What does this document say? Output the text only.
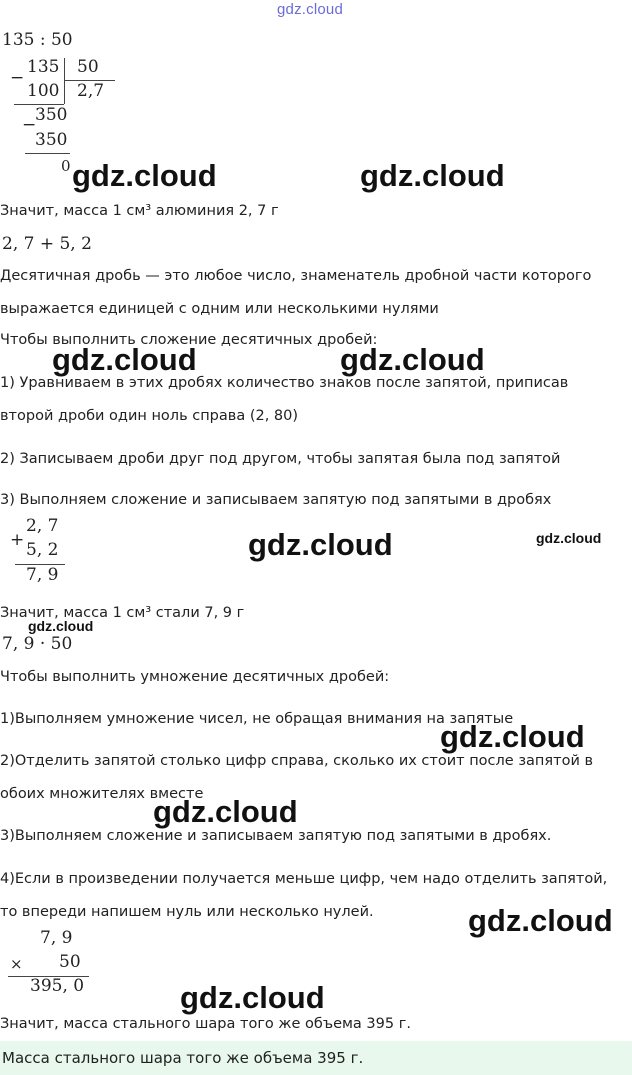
gdz.cloud
135 : 50
−
135 50
100 2,7
−
350
350
0 gdz.cloud	gdz.cloud
Значит, масса 1 см³ алюминия 2, 7 г
2, 7 + 5, 2
Десятичная дробь — это любое число, знаменатель дробной части которого
выражается единицей с одним или несколькими нулями
Чтобы выполнить сложение десятичных дробей:
gdz.cloud	gdz.cloud
1) Уравниваем в этих дробях количество знаков после запятой, приписав
второй дроби один ноль справа (2, 80)
2) Записываем дроби друг под другом, чтобы запятая была под запятой
3) Выполняем сложение и записываем запятую под запятыми в дробях
+
2, 7
5, 2
7, 9
gdz.cloud	gdz.cloud
Значит, масса 1 см³ стали 7, 9 г
gdz.cloud
7, 9 · 50
Чтобы выполнить умножение десятичных дробей:
1)Выполняем умножение чисел, не обращая внимания на запятые
gdz.cloud
2)Отделить запятой столько цифр справа, сколько их стоит после запятой в
обоих множителях вместе
gdz.cloud
3)Выполняем сложение и записываем запятую под запятыми в дробях.
4)Если в произведении получается меньше цифр, чем надо отделить запятой,
то впереди напишем нуль или несколько нулей.	gdz.cloud
7, 9
× 50
395, 0	gdz.cloud
Значит, масса стального шара того же объема 395 г.
Масса стального шара того же объема 395 г.
